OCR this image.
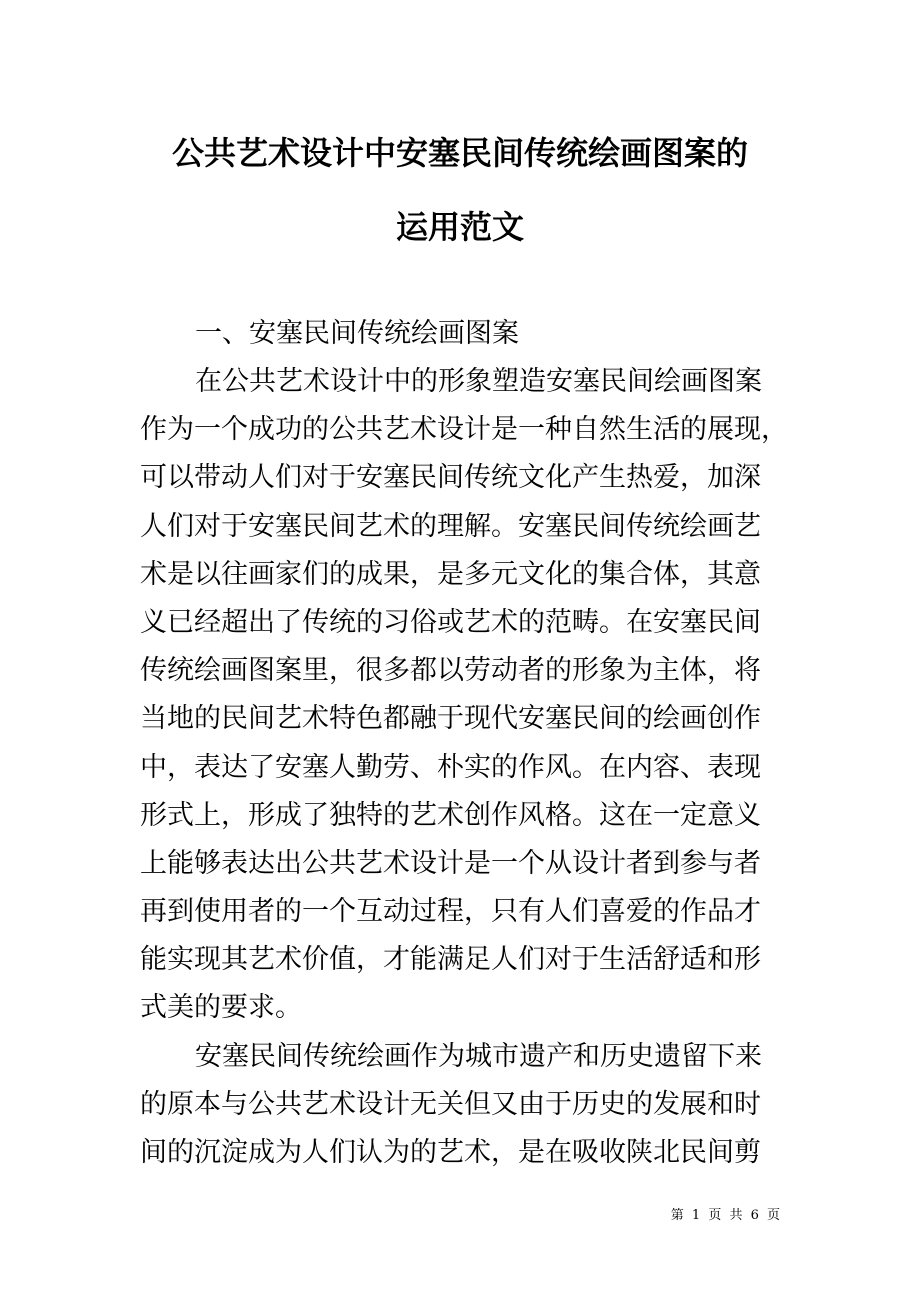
公共艺术设计中安塞民间传统绘画图案的
运用范文
一、安塞民间传统绘画图案
在公共艺术设计中的形象塑造安塞民间绘画图案
作为一个成功的公共艺术设计是一种自然生活的展现，
可以带动人们对于安塞民间传统文化产生热爱，加深
人们对于安塞民间艺术的理解。安塞民间传统绘画艺
术是以往画家们的成果，是多元文化的集合体，其意
义已经超出了传统的习俗或艺术的范畴。在安塞民间
传统绘画图案里，很多都以劳动者的形象为主体，将
当地的民间艺术特色都融于现代安塞民间的绘画创作
中，表达了安塞人勤劳、朴实的作风。在内容、表现
形式上，形成了独特的艺术创作风格。这在一定意义
上能够表达出公共艺术设计是一个从设计者到参与者
再到使用者的一个互动过程，只有人们喜爱的作品才
能实现其艺术价值，才能满足人们对于生活舒适和形
式美的要求。
安塞民间传统绘画作为城市遗产和历史遗留下来
的原本与公共艺术设计无关但又由于历史的发展和时
间的沉淀成为人们认为的艺术，是在吸收陕北民间剪
第 1 页 共 6 页
